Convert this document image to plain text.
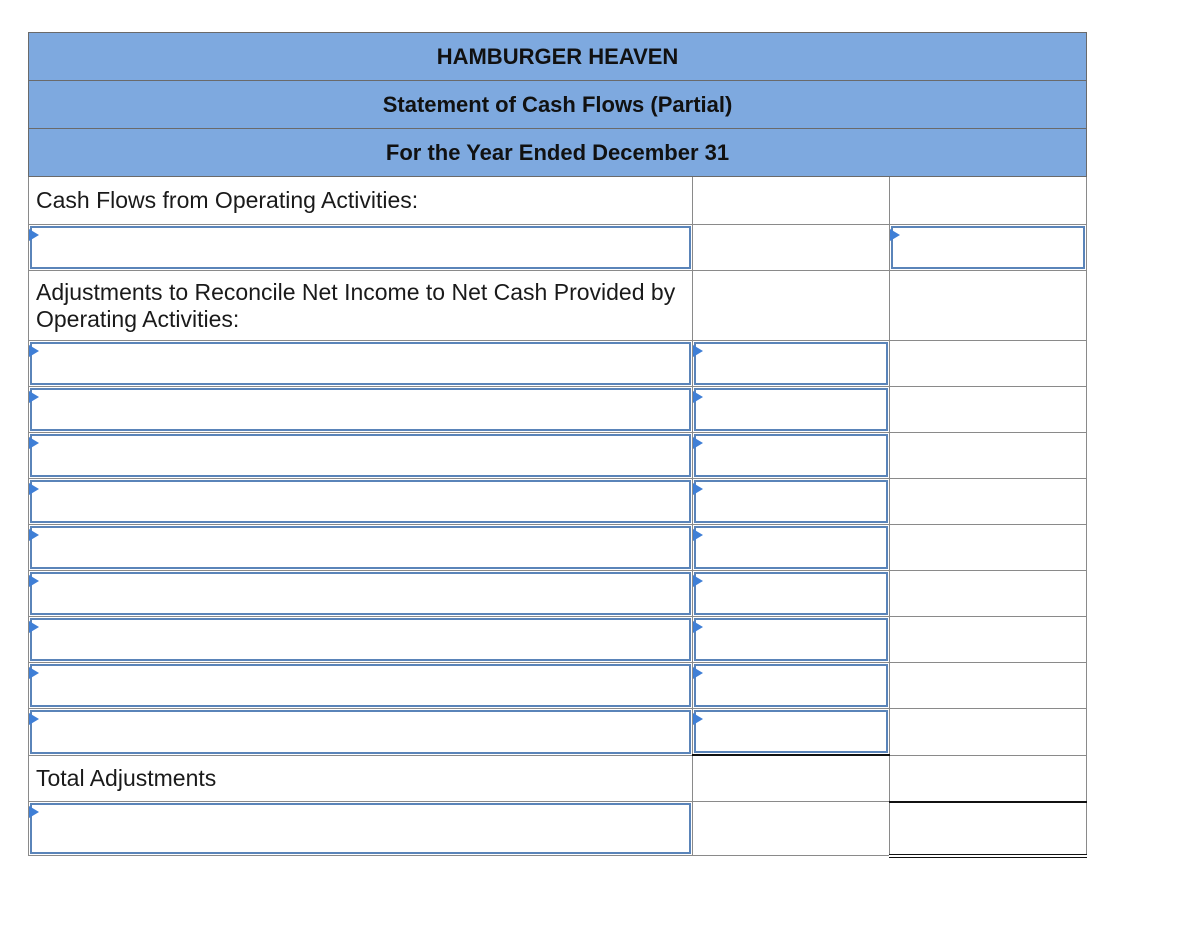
HAMBURGER HEAVEN		
Statement of Cash Flows (Partial)		
For the Year Ended December 31		
Cash Flows from Operating Activities:		

Adjustments to Reconcile Net Income to Net Cash Provided by Operating Activities:		

Total Adjustments		
